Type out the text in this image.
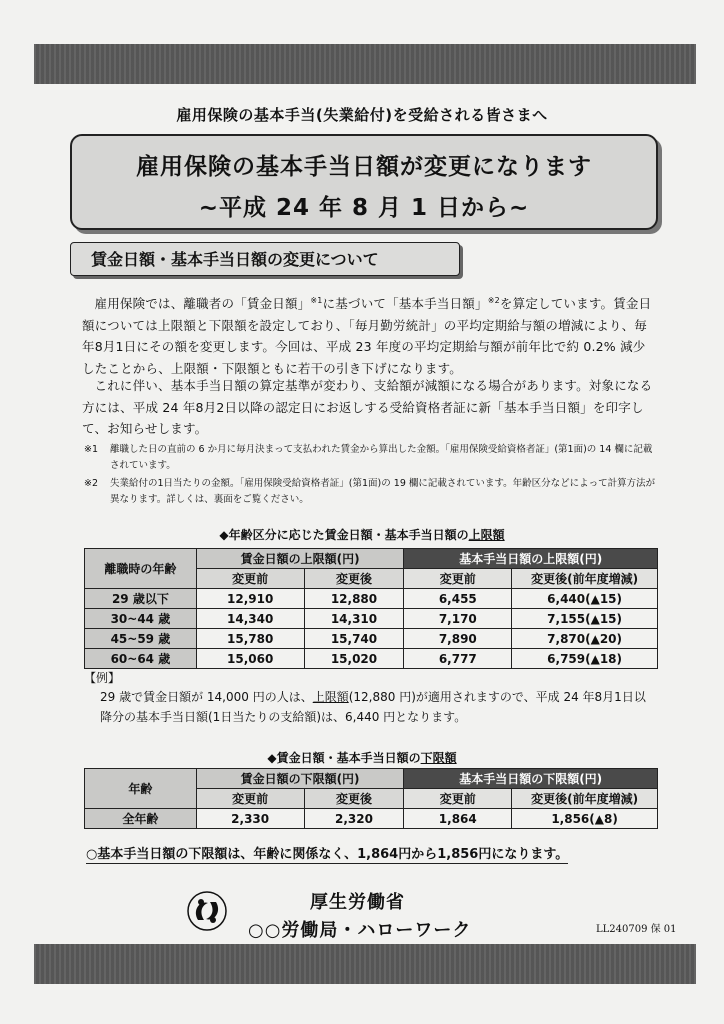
雇用保険の基本手当(失業給付)を受給される皆さまへ
雇用保険の基本手当日額が変更になります
~平成 24 年 8 月 1 日から~
賃金日額・基本手当日額の変更について

雇用保険では、離職者の「賃金日額」$^{※1}$に基づいて「基本手当日額」$^{※2}$を算定しています。賃金日額については上限額と下限額を設定しており、「毎月勤労統計」の平均定期給与額の増減により、毎年8月1日にその額を変更します。今回は、平成 23 年度の平均定期給与額が前年比で約 0.2% 減少したことから、上限額・下限額ともに若干の引き下げになります。

これに伴い、基本手当日額の算定基準が変わり、支給額が減額になる場合があります。対象になる方には、平成 24 年8月2日以降の認定日にお返しする受給資格者証に新「基本手当日額」を印字して、お知らせします。

※1 離職した日の直前の 6 か月に毎月決まって支払われた賃金から算出した金額。「雇用保険受給資格者証」(第1面)の 14 欄に記載されています。
※2 失業給付の1日当たりの金額。「雇用保険受給資格者証」(第1面)の 19 欄に記載されています。年齢区分などによって計算方法が異なります。詳しくは、裏面をご覧ください。
◆年齢区分に応じた賃金日額・基本手当日額の上限額
離職時の年齢	賃金日額の上限額(円)		基本手当日額の上限額(円)	
	変更前	変更後	変更前	変更後(前年度増減)
29 歳以下	12,910	12,880	6,455	6,440(▲15)
30~44 歳	14,340	14,310	7,170	7,155(▲15)
45~59 歳	15,780	15,740	7,890	7,870(▲20)
60~64 歳	15,060	15,020	6,777	6,759(▲18)
【例】
29 歳で賃金日額が 14,000 円の人は、上限額(12,880 円)が適用されますので、平成 24 年8月1日以降分の基本手当日額(1日当たりの支給額)は、6,440 円となります。
◆賃金日額・基本手当日額の下限額
年齢	賃金日額の下限額(円)		基本手当日額の下限額(円)	
	変更前	変更後	変更前	変更後(前年度増減)
全年齢	2,330	2,320	1,864	1,856(▲8)
○基本手当日額の下限額は、年齢に関係なく、1,864円から1,856円になります。
厚生労働省
○○労働局・ハローワーク	LL240709 保 01
